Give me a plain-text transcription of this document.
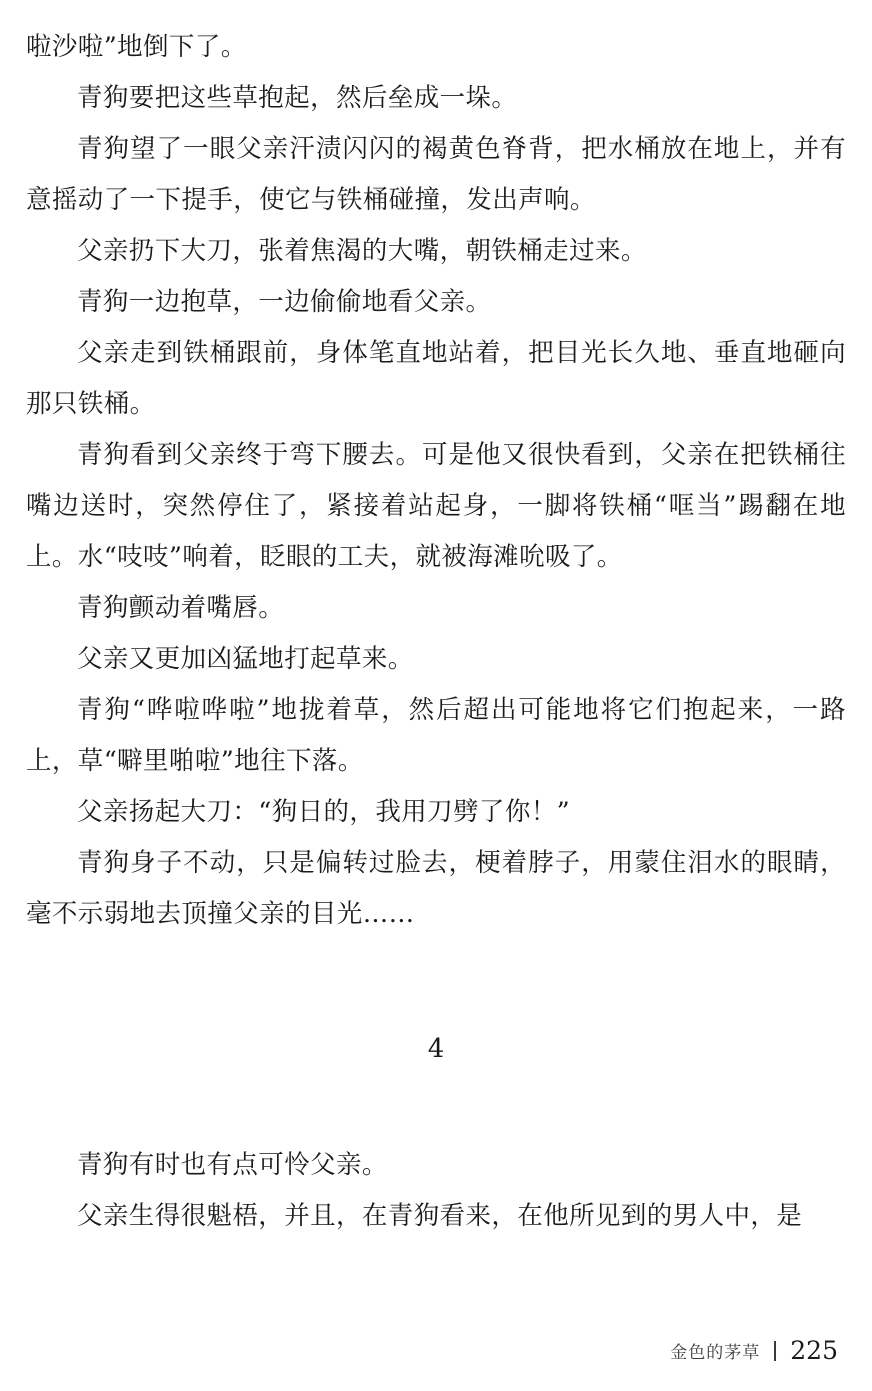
啦沙啦”地倒下了。

青狗要把这些草抱起，然后垒成一垛。

青狗望了一眼父亲汗渍闪闪的褐黄色脊背，把水桶放在地上，并有意摇动了一下提手，使它与铁桶碰撞，发出声响。

父亲扔下大刀，张着焦渴的大嘴，朝铁桶走过来。

青狗一边抱草，一边偷偷地看父亲。

父亲走到铁桶跟前，身体笔直地站着，把目光长久地、垂直地砸向那只铁桶。

青狗看到父亲终于弯下腰去。可是他又很快看到，父亲在把铁桶往嘴边送时，突然停住了，紧接着站起身，一脚将铁桶“哐当”踢翻在地上。水“吱吱”响着，眨眼的工夫，就被海滩吮吸了。

青狗颤动着嘴唇。

父亲又更加凶猛地打起草来。

青狗“哗啦哗啦”地拢着草，然后超出可能地将它们抱起来，一路上，草“噼里啪啦”地往下落。

父亲扬起大刀：“狗日的，我用刀劈了你！”

青狗身子不动，只是偏转过脸去，梗着脖子，用蒙住泪水的眼睛，毫不示弱地去顶撞父亲的目光……

4

青狗有时也有点可怜父亲。

父亲生得很魁梧，并且，在青狗看来，在他所见到的男人中，是

金色的茅草 225
